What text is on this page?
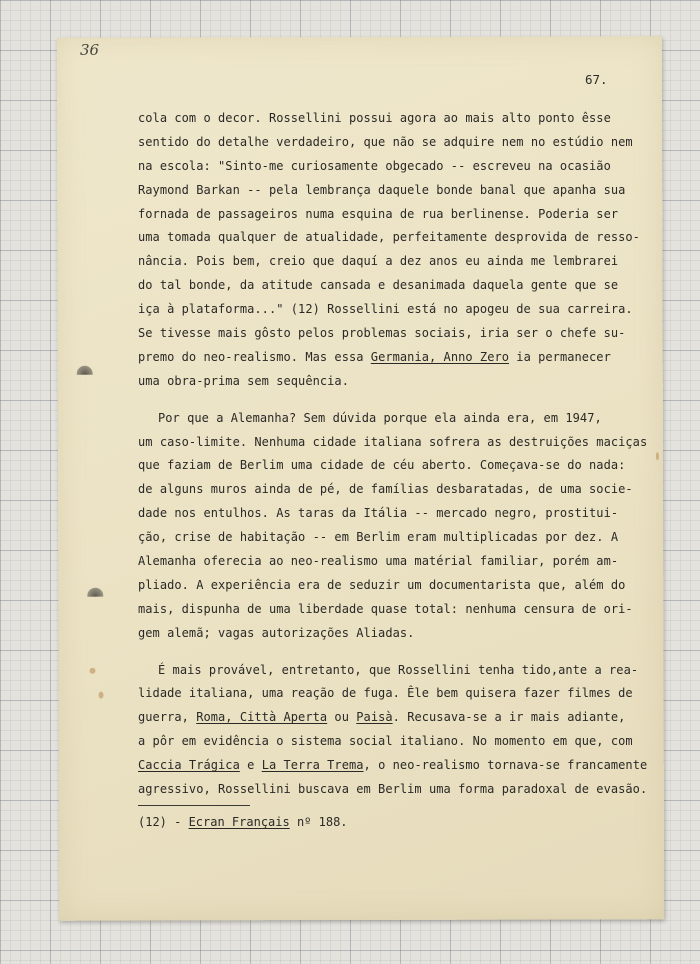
36
67.
cola com o decor. Rossellini possui agora ao mais alto ponto êsse
sentido do detalhe verdadeiro, que não se adquire nem no estúdio nem
na escola: "Sinto-me curiosamente obgecado -- escreveu na ocasião
Raymond Barkan -- pela lembrança daquele bonde banal que apanha sua
fornada de passageiros numa esquina de rua berlinense. Poderia ser
uma tomada qualquer de atualidade, perfeitamente desprovida de resso-
nância. Pois bem, creio que daquí a dez anos eu ainda me lembrarei
do tal bonde, da atitude cansada e desanimada daquela gente que se
iça à plataforma..." (12) Rossellini está no apogeu de sua carreira.
Se tivesse mais gôsto pelos problemas sociais, iria ser o chefe su-
premo do neo-realismo. Mas essa Germania, Anno Zero ia permanecer
uma obra-prima sem sequência.
Por que a Alemanha? Sem dúvida porque ela ainda era, em 1947,
um caso-limite. Nenhuma cidade italiana sofrera as destruições maciças
que faziam de Berlim uma cidade de céu aberto. Começava-se do nada:
de alguns muros ainda de pé, de famílias desbaratadas, de uma socie-
dade nos entulhos. As taras da Itália -- mercado negro, prostitui-
ção, crise de habitação -- em Berlim eram multiplicadas por dez. A
Alemanha oferecia ao neo-realismo uma matérial familiar, porém am-
pliado. A experiência era de seduzir um documentarista que, além do
mais, dispunha de uma liberdade quase total: nenhuma censura de ori-
gem alemã; vagas autorizações Aliadas.
É mais provável, entretanto, que Rossellini tenha tido,ante a rea-
lidade italiana, uma reação de fuga. Êle bem quisera fazer filmes de
guerra, Roma, Città Aperta ou Paisà. Recusava-se a ir mais adiante,
a pôr em evidência o sistema social italiano. No momento em que, com
Caccia Trágica e La Terra Trema, o neo-realismo tornava-se francamente
agressivo, Rossellini buscava em Berlim uma forma paradoxal de evasão.
(12) - Ecran Français nº 188.
